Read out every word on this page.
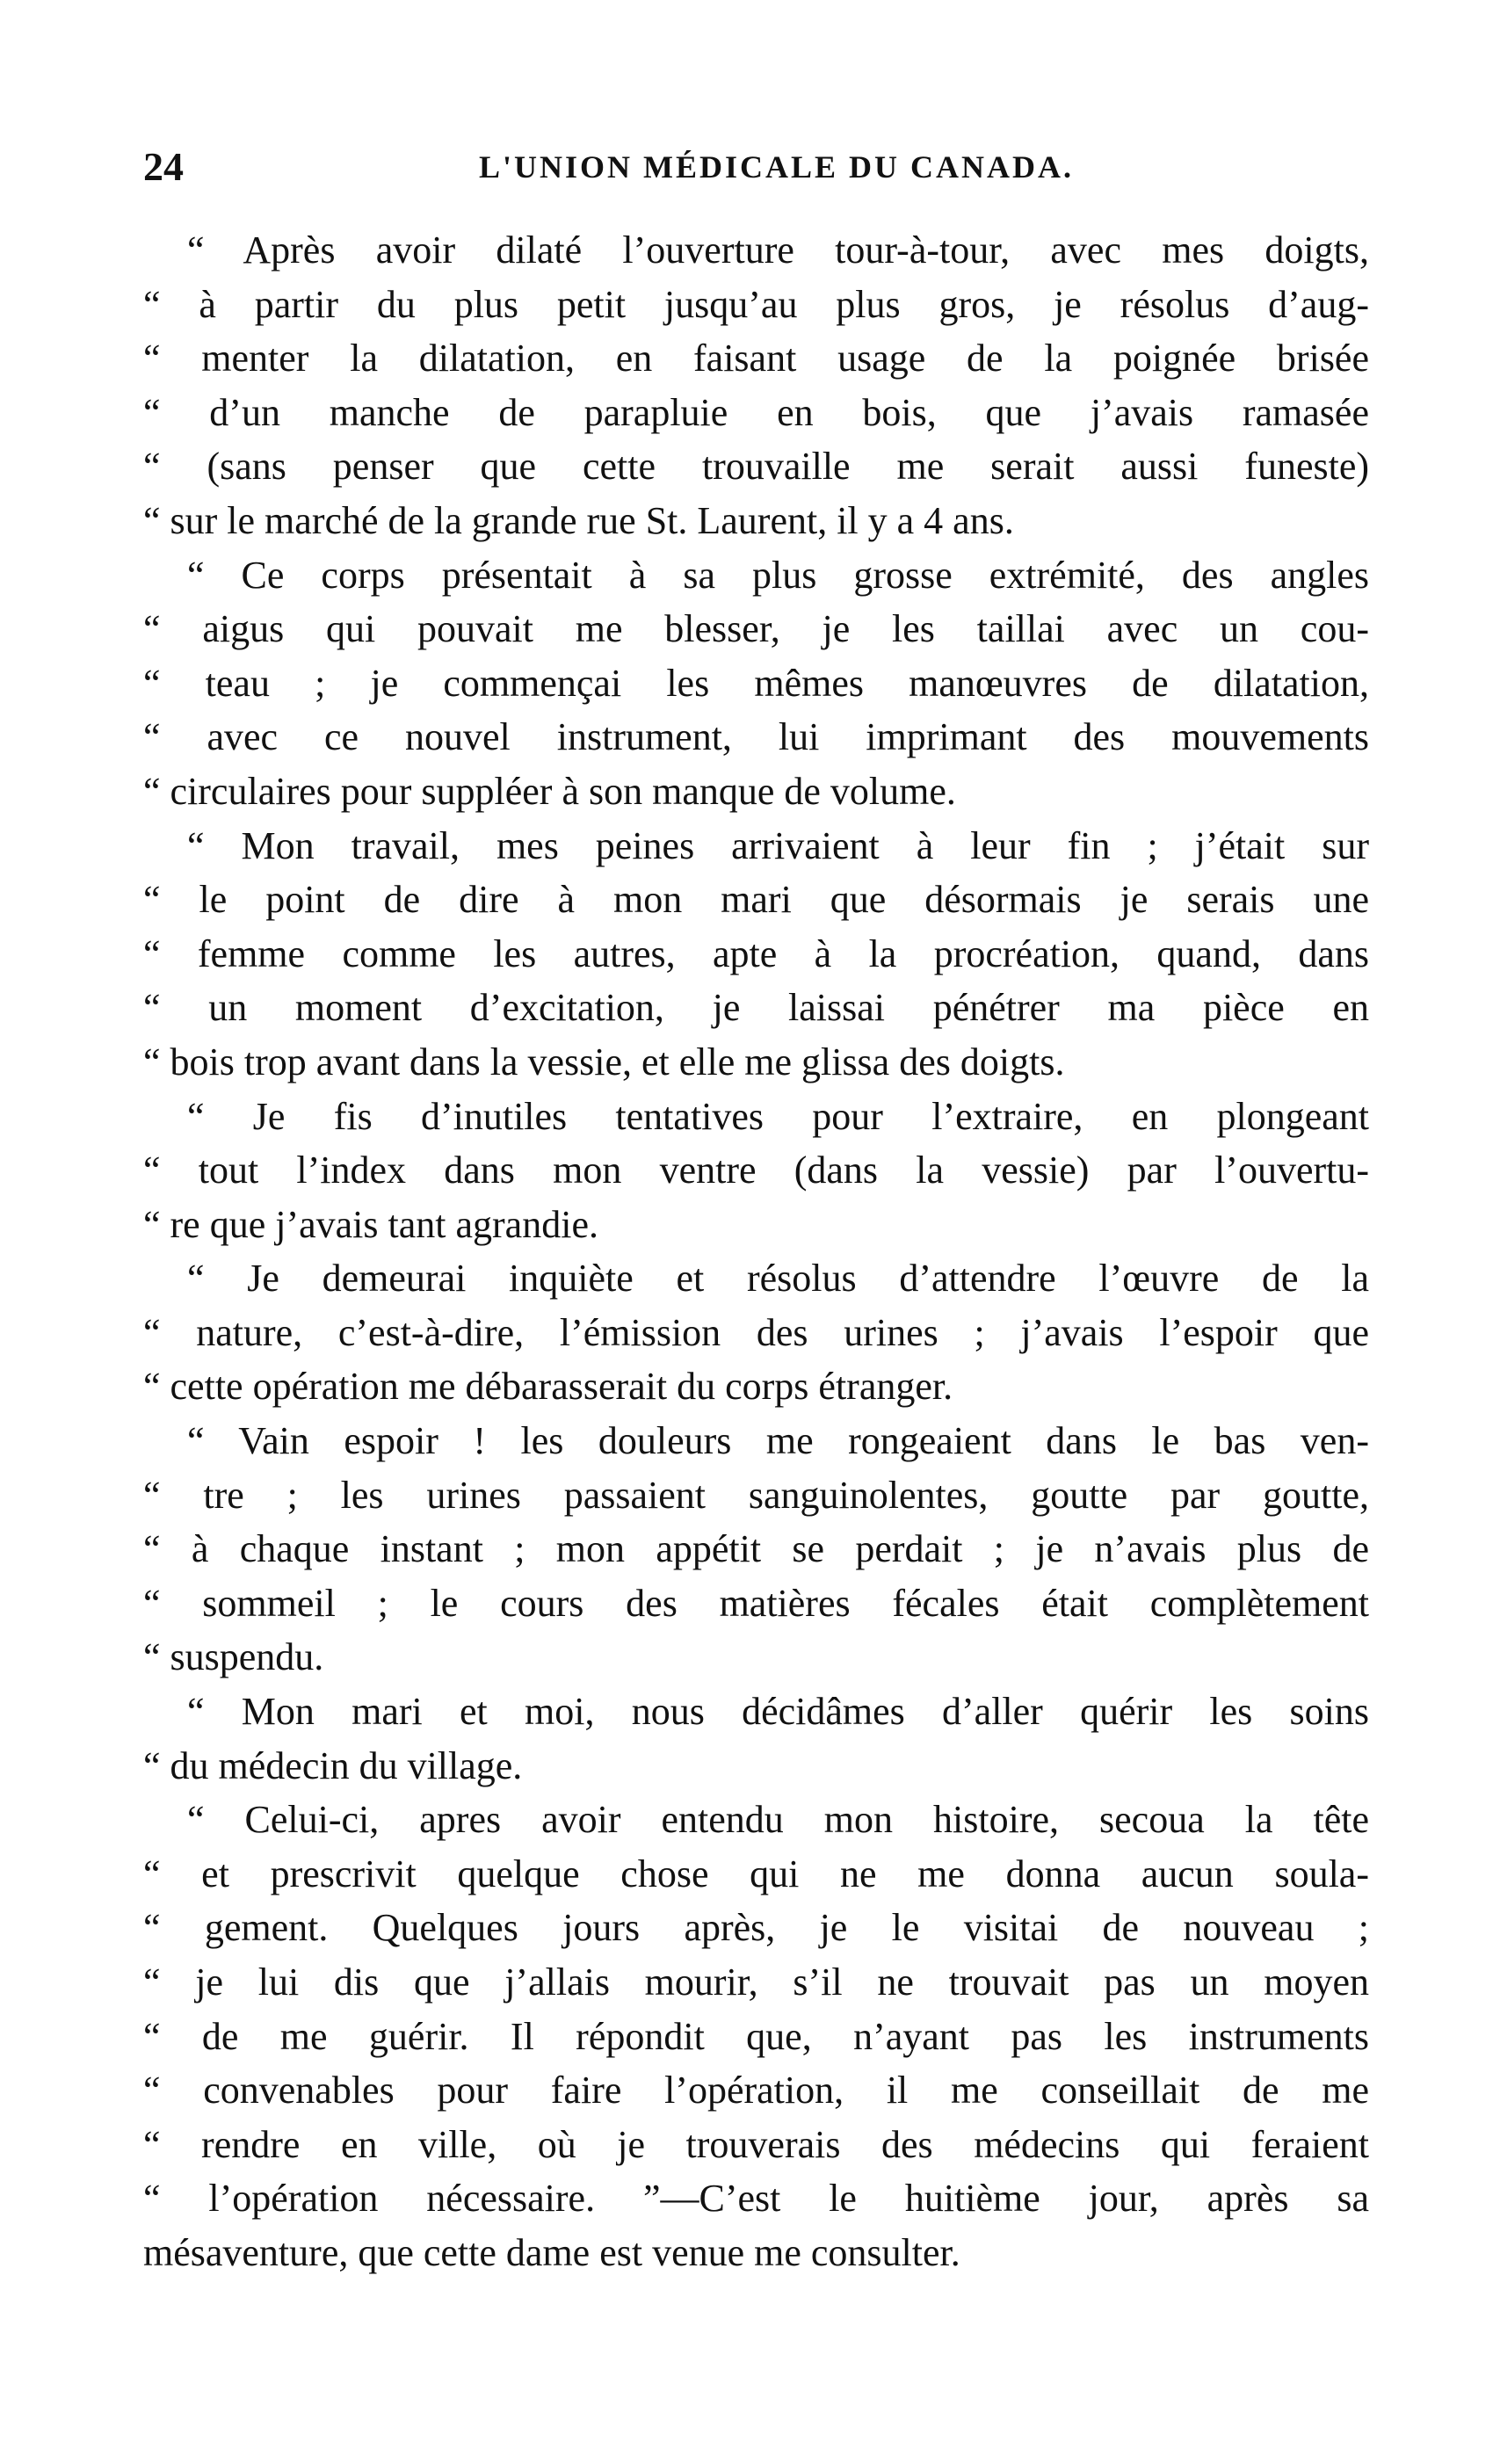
24	L'UNION MÉDICALE DU CANADA.
“ Après avoir dilaté l’ouverture tour-à-tour, avec mes doigts,
“ à partir du plus petit jusqu’au plus gros, je résolus d’aug-
“ menter la dilatation, en faisant usage de la poignée brisée
“ d’un manche de parapluie en bois, que j’avais ramasée
“ (sans penser que cette trouvaille me serait aussi funeste)
“ sur le marché de la grande rue St. Laurent, il y a 4 ans.
“ Ce corps présentait à sa plus grosse extrémité, des angles
“ aigus qui pouvait me blesser, je les taillai avec un cou-
“ teau ; je commençai les mêmes manœuvres de dilatation,
“ avec ce nouvel instrument, lui imprimant des mouvements
“ circulaires pour suppléer à son manque de volume.
“ Mon travail, mes peines arrivaient à leur fin ; j’était sur
“ le point de dire à mon mari que désormais je serais une
“ femme comme les autres, apte à la procréation, quand, dans
“ un moment d’excitation, je laissai pénétrer ma pièce en
“ bois trop avant dans la vessie, et elle me glissa des doigts.
“ Je fis d’inutiles tentatives pour l’extraire, en plongeant
“ tout l’index dans mon ventre (dans la vessie) par l’ouvertu-
“ re que j’avais tant agrandie.
“ Je demeurai inquiète et résolus d’attendre l’œuvre de la
“ nature, c’est-à-dire, l’émission des urines ; j’avais l’espoir que
“ cette opération me débarasserait du corps étranger.
“ Vain espoir ! les douleurs me rongeaient dans le bas ven-
“ tre ; les urines passaient sanguinolentes, goutte par goutte,
“ à chaque instant ; mon appétit se perdait ; je n’avais plus de
“ sommeil ; le cours des matières fécales était complètement
“ suspendu.
“ Mon mari et moi, nous décidâmes d’aller quérir les soins
“ du médecin du village.
“ Celui-ci, apres avoir entendu mon histoire, secoua la tête
“ et prescrivit quelque chose qui ne me donna aucun soula-
“ gement. Quelques jours après, je le visitai de nouveau ;
“ je lui dis que j’allais mourir, s’il ne trouvait pas un moyen
“ de me guérir. Il répondit que, n’ayant pas les instruments
“ convenables pour faire l’opération, il me conseillait de me
“ rendre en ville, où je trouverais des médecins qui feraient
“ l’opération nécessaire. ”—C’est le huitième jour, après sa
mésaventure, que cette dame est venue me consulter.
